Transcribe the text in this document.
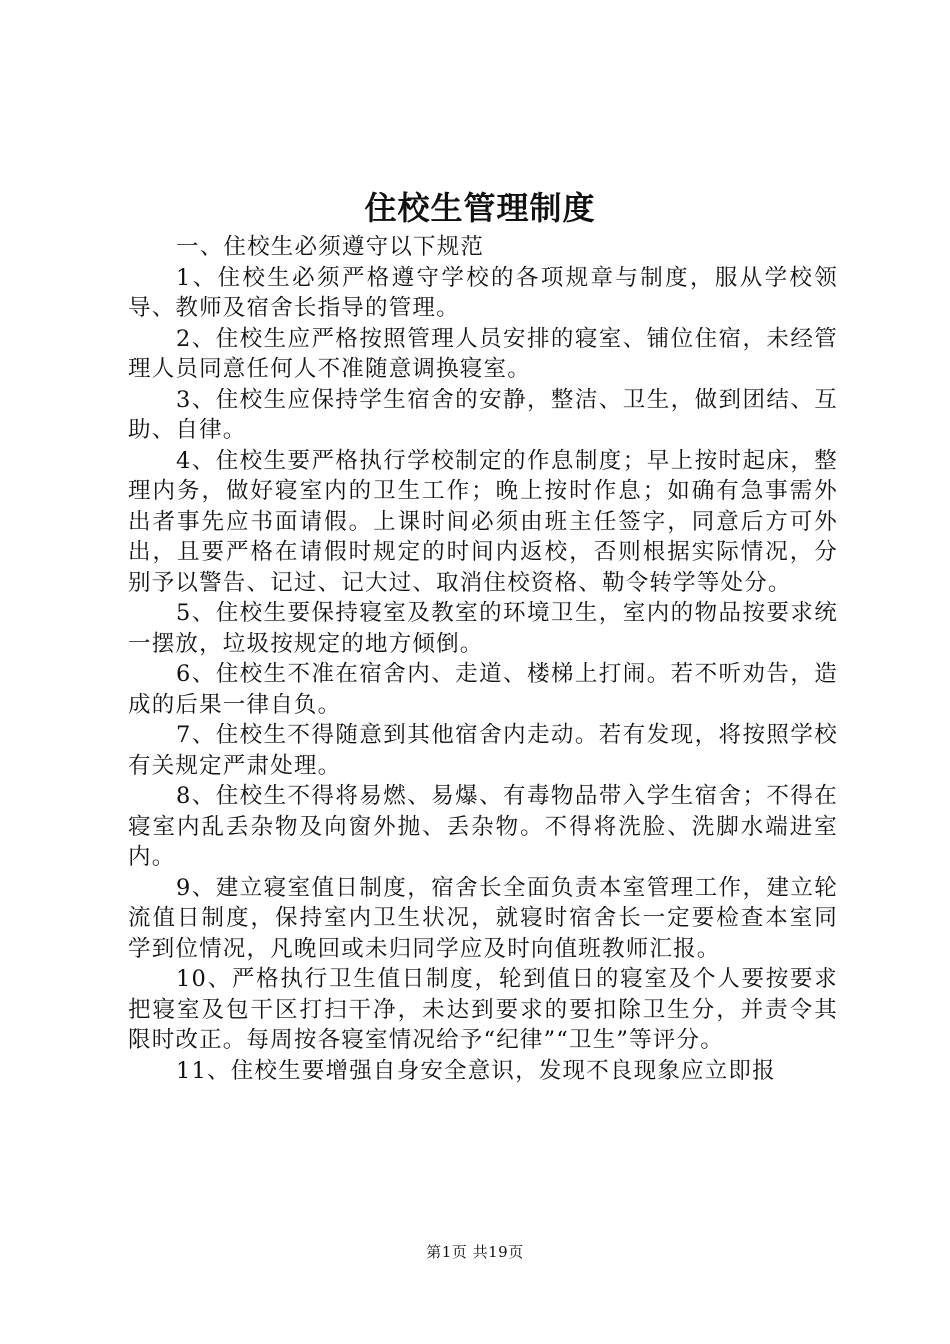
住校生管理制度

一、住校生必须遵守以下规范

1、住校生必须严格遵守学校的各项规章与制度，服从学校领导、教师及宿舍长指导的管理。

2、住校生应严格按照管理人员安排的寝室、铺位住宿，未经管理人员同意任何人不准随意调换寝室。

3、住校生应保持学生宿舍的安静，整洁、卫生，做到团结、互助、自律。

4、住校生要严格执行学校制定的作息制度；早上按时起床，整理内务，做好寝室内的卫生工作；晚上按时作息；如确有急事需外出者事先应书面请假。上课时间必须由班主任签字，同意后方可外出，且要严格在请假时规定的时间内返校，否则根据实际情况，分别予以警告、记过、记大过、取消住校资格、勒令转学等处分。

5、住校生要保持寝室及教室的环境卫生，室内的物品按要求统一摆放，垃圾按规定的地方倾倒。

6、住校生不准在宿舍内、走道、楼梯上打闹。若不听劝告，造成的后果一律自负。

7、住校生不得随意到其他宿舍内走动。若有发现，将按照学校有关规定严肃处理。

8、住校生不得将易燃、易爆、有毒物品带入学生宿舍；不得在寝室内乱丢杂物及向窗外抛、丢杂物。不得将洗脸、洗脚水端进室内。

9、建立寝室值日制度，宿舍长全面负责本室管理工作，建立轮流值日制度，保持室内卫生状况，就寝时宿舍长一定要检查本室同学到位情况，凡晚回或未归同学应及时向值班教师汇报。

10、严格执行卫生值日制度，轮到值日的寝室及个人要按要求把寝室及包干区打扫干净，未达到要求的要扣除卫生分，并责令其限时改正。每周按各寝室情况给予“纪律”“卫生”等评分。

11、住校生要增强自身安全意识，发现不良现象应立即报

第1页 共19页
